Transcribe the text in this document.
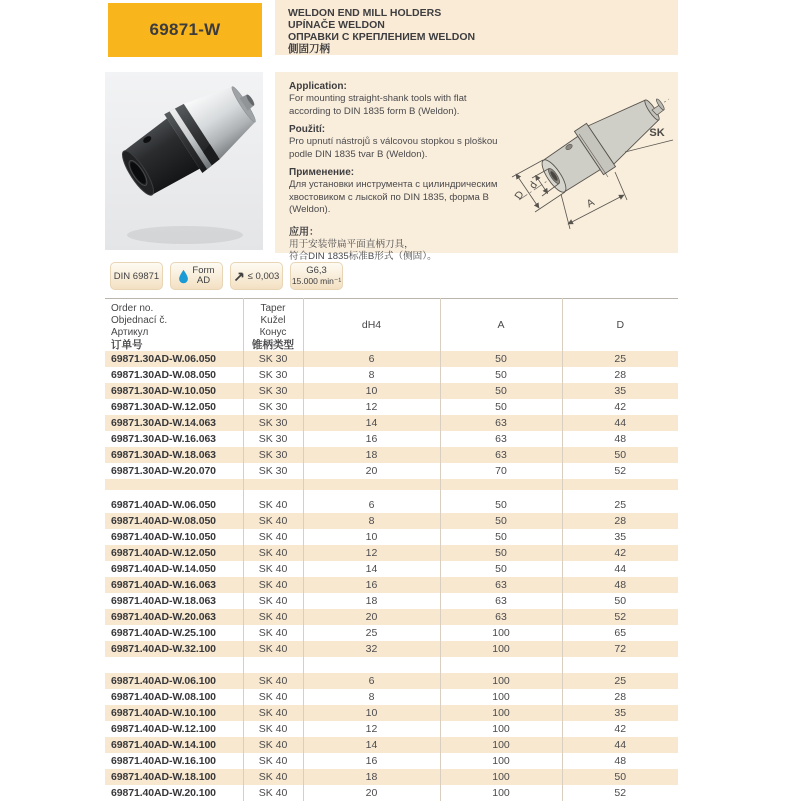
69871-W
WELDON END MILL HOLDERS
UPÍNAČE WELDON
ОПРАВКИ С КРЕПЛЕНИЕМ WELDON
側固刀柄
Application:

For mounting straight-shank tools with flat

according to DIN 1835 form B (Weldon).

Použití:

Pro upnutí nástrojů s válcovou stopkou s ploškou

podle DIN 1835 tvar B (Weldon).

Применение:

Для установки инструмента с цилиндрическим

хвостовиком с лыской по DIN 1835, форма B (Weldon).

应用：

用于安装带扁平面直柄刀具，

符合DIN 1835标准B形式（侧固）。

D
d
A
SK
DIN 69871	Form
AD	≤ 0,003
G6,3
15.000 min⁻¹
Order no.
Objednací č.
Артикул
订单号

Taper
Kužel
Конус
锥柄类型
	dH4	A	D
69871.30AD-W.06.050	SK 30	6	50	25
69871.30AD-W.08.050	SK 30	8	50	28
69871.30AD-W.10.050	SK 30	10	50	35
69871.30AD-W.12.050	SK 30	12	50	42
69871.30AD-W.14.063	SK 30	14	63	44
69871.30AD-W.16.063	SK 30	16	63	48
69871.30AD-W.18.063	SK 30	18	63	50
69871.30AD-W.20.070	SK 30	20	70	52

69871.40AD-W.06.050	SK 40	6	50	25
69871.40AD-W.08.050	SK 40	8	50	28
69871.40AD-W.10.050	SK 40	10	50	35
69871.40AD-W.12.050	SK 40	12	50	42
69871.40AD-W.14.050	SK 40	14	50	44
69871.40AD-W.16.063	SK 40	16	63	48
69871.40AD-W.18.063	SK 40	18	63	50
69871.40AD-W.20.063	SK 40	20	63	52
69871.40AD-W.25.100	SK 40	25	100	65
69871.40AD-W.32.100	SK 40	32	100	72

69871.40AD-W.06.100	SK 40	6	100	25
69871.40AD-W.08.100	SK 40	8	100	28
69871.40AD-W.10.100	SK 40	10	100	35
69871.40AD-W.12.100	SK 40	12	100	42
69871.40AD-W.14.100	SK 40	14	100	44
69871.40AD-W.16.100	SK 40	16	100	48
69871.40AD-W.18.100	SK 40	18	100	50
69871.40AD-W.20.100	SK 40	20	100	52
